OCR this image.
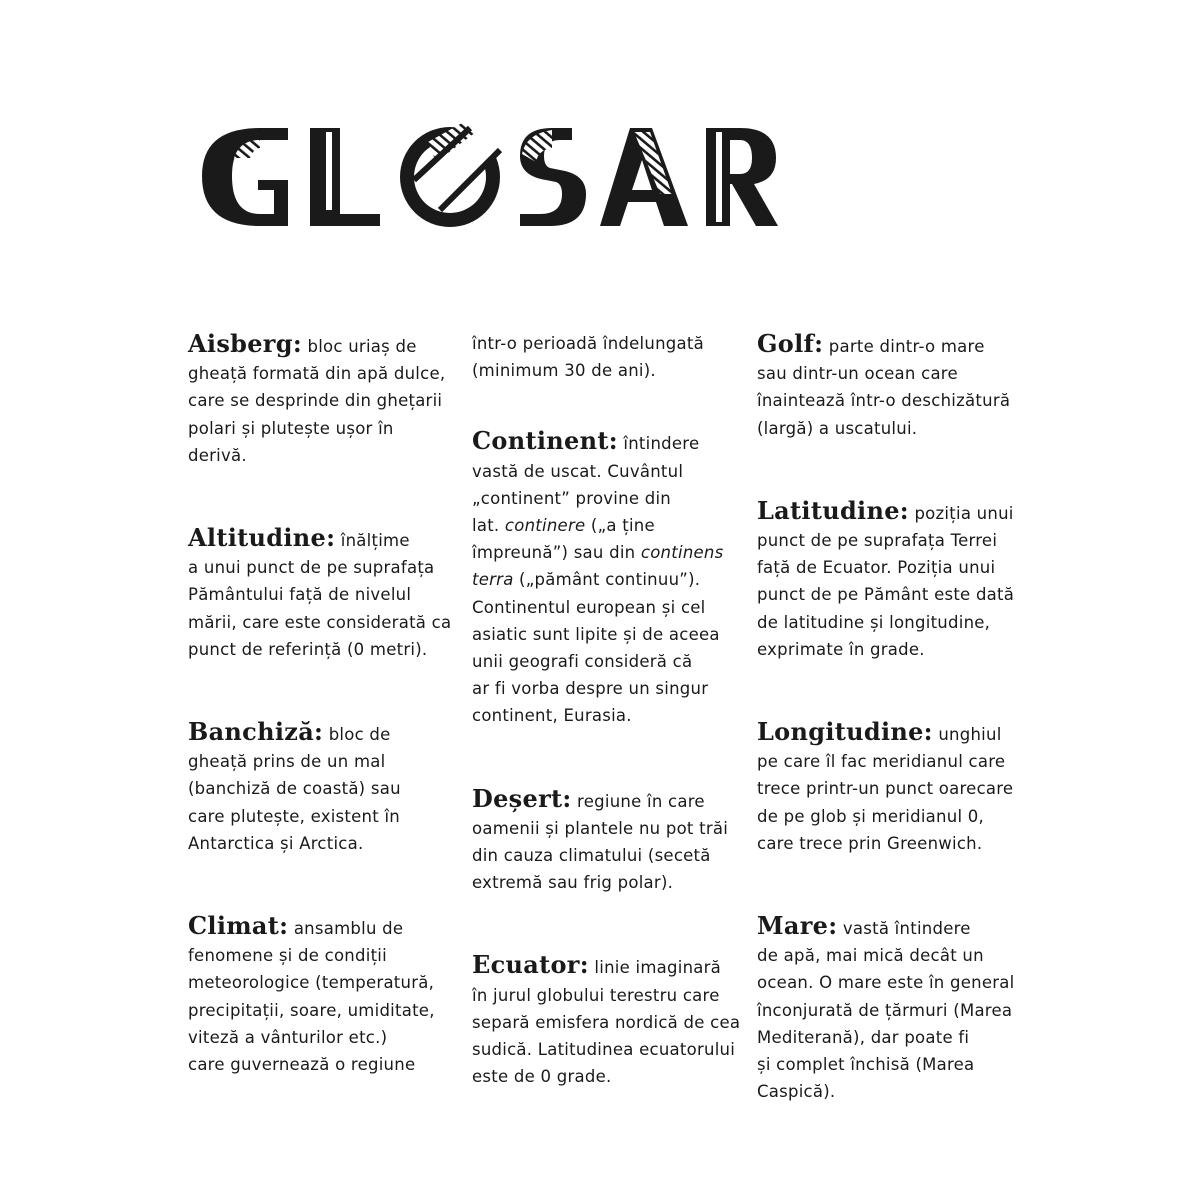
Aisberg: bloc uriaș de
gheață formată din apă dulce,
care se desprinde din ghețarii
polari și plutește ușor în
derivă.

Altitudine: înălțime
a unui punct de pe suprafața
Pământului față de nivelul
mării, care este considerată ca
punct de referință (0 metri).

Banchiză: bloc de
gheață prins de un mal
(banchiză de coastă) sau
care plutește, existent în
Antarctica și Arctica.

Climat: ansamblu de
fenomene și de condiții
meteorologice (temperatură,
precipitații, soare, umiditate,
viteză a vânturilor etc.)
care guvernează o regiune

într-o perioadă îndelungată
(minimum 30 de ani).

Continent: întindere
vastă de uscat. Cuvântul
„continent” provine din
lat. continere („a ține
împreună”) sau din continens
terra („pământ continuu”).
Continentul european și cel
asiatic sunt lipite și de aceea
unii geografi consideră că
ar fi vorba despre un singur
continent, Eurasia.

Deșert: regiune în care
oamenii și plantele nu pot trăi
din cauza climatului (secetă
extremă sau frig polar).

Ecuator: linie imaginară
în jurul globului terestru care
separă emisfera nordică de cea
sudică. Latitudinea ecuatorului
este de 0 grade.

Golf: parte dintr-o mare
sau dintr-un ocean care
înaintează într-o deschizătură
(largă) a uscatului.

Latitudine: poziția unui
punct de pe suprafața Terrei
față de Ecuator. Poziția unui
punct de pe Pământ este dată
de latitudine și longitudine,
exprimate în grade.

Longitudine: unghiul
pe care îl fac meridianul care
trece printr-un punct oarecare
de pe glob și meridianul 0,
care trece prin Greenwich.

Mare: vastă întindere
de apă, mai mică decât un
ocean. O mare este în general
înconjurată de țărmuri (Marea
Mediterană), dar poate fi
și complet închisă (Marea
Caspică).
